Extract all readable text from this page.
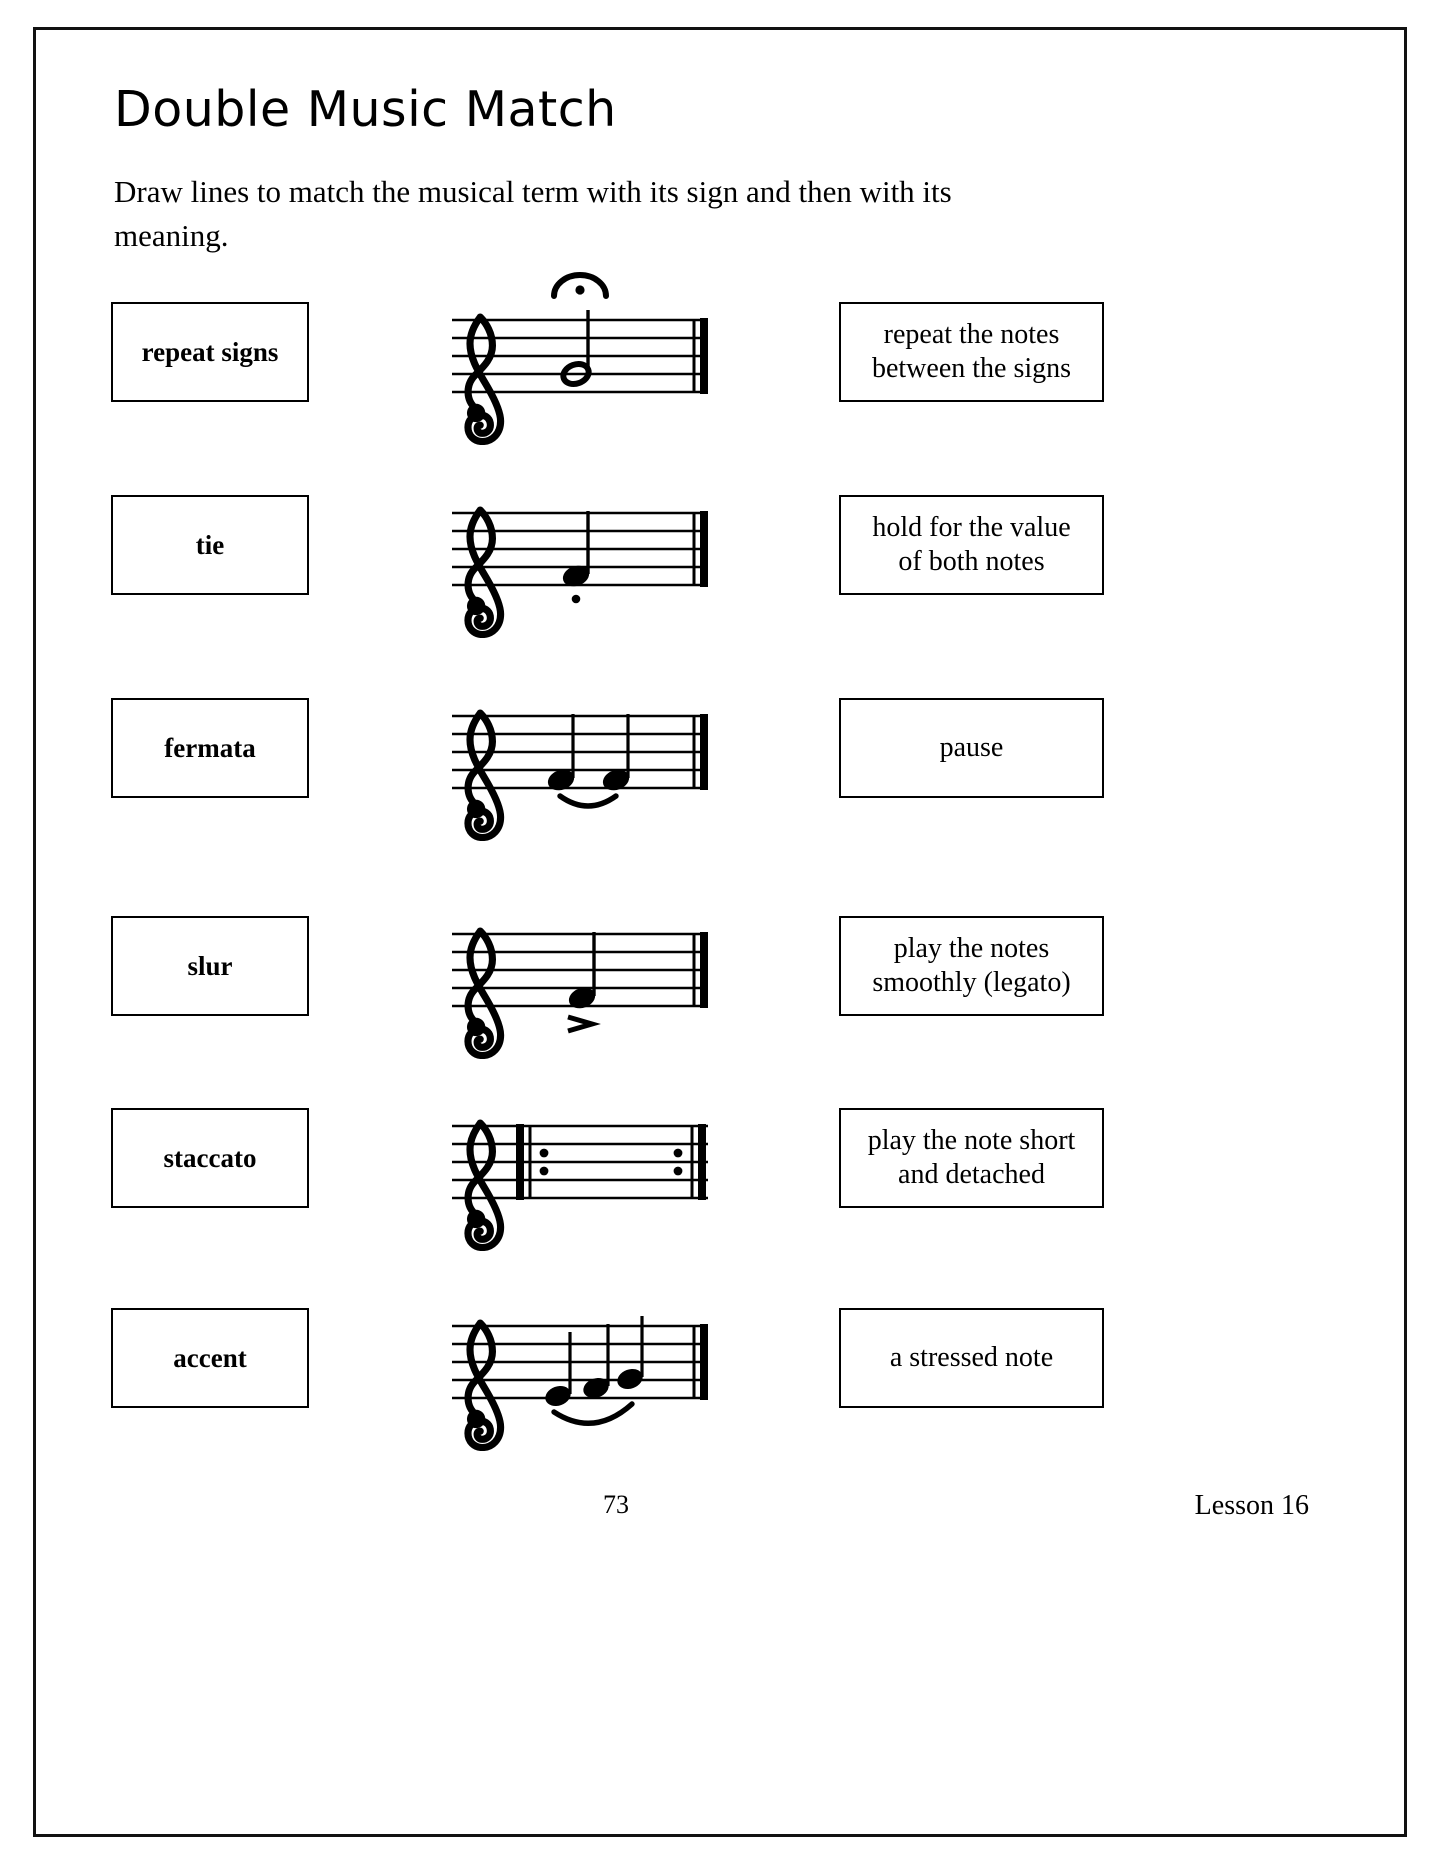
Double Music Match
Draw lines to match the musical term with its sign and then with its meaning.
repeat signs
repeat the notes
between the signs
tie
hold for the value
of both notes
fermata	pause
slur
play the notes
smoothly (legato)
staccato
play the note short
and detached
accent	a stressed note
73	Lesson 16
